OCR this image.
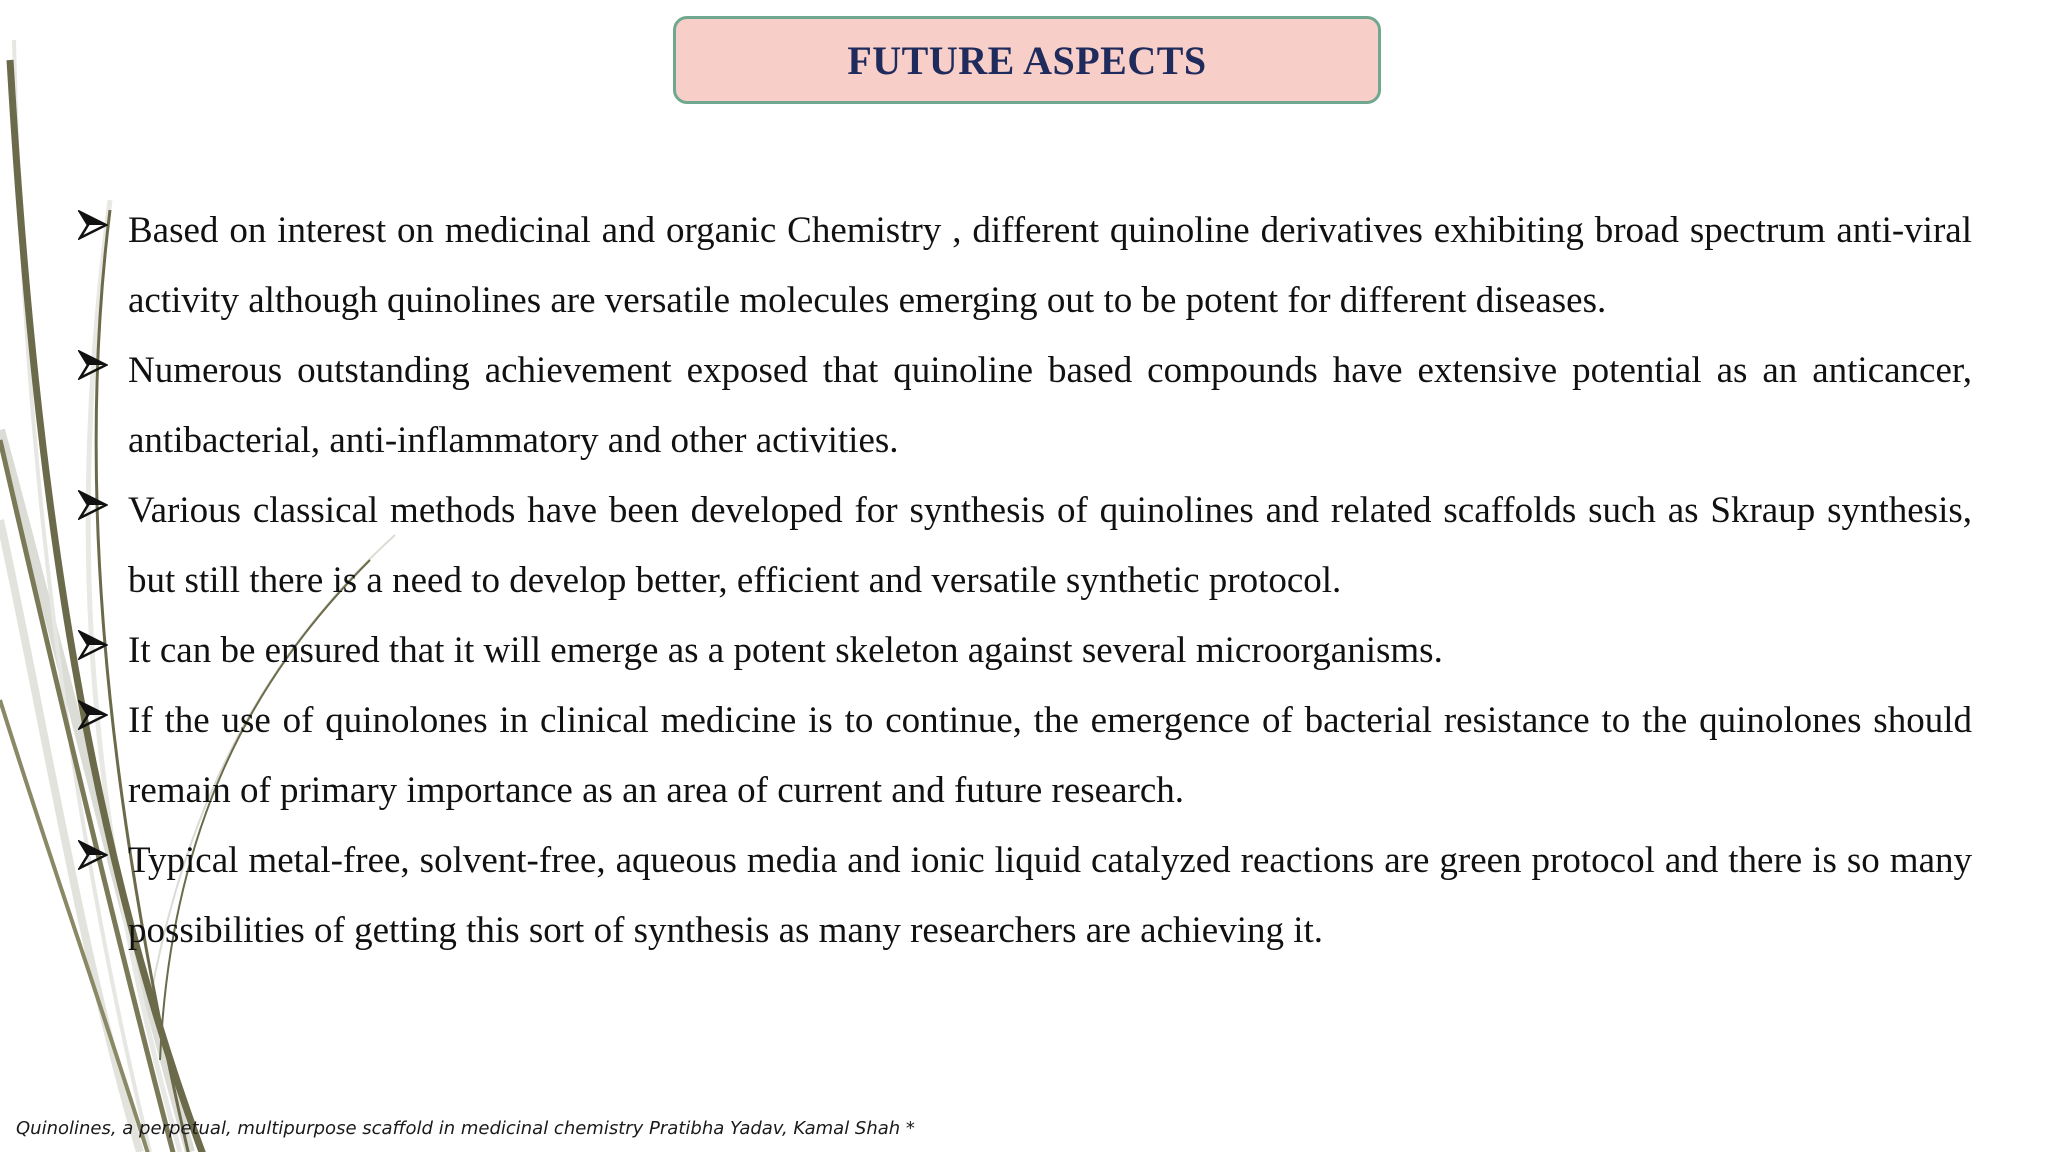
FUTURE ASPECTS
Based on interest on medicinal and organic Chemistry , different quinoline derivatives exhibiting broad spectrum anti-viral activity although quinolines are versatile molecules emerging out to be potent for different diseases.
Numerous outstanding achievement exposed that quinoline based compounds have extensive potential as an anticancer, antibacterial, anti-inflammatory and other activities.
Various classical methods have been developed for synthesis of quinolines and related scaffolds such as Skraup synthesis, but still there is a need to develop better, efficient and versatile synthetic protocol.
It can be ensured that it will emerge as a potent skeleton against several microorganisms.
If the use of quinolones in clinical medicine is to continue, the emergence of bacterial resistance to the quinolones should remain of primary importance as an area of current and future research.
Typical metal-free, solvent-free, aqueous media and ionic liquid catalyzed reactions are green protocol and there is so many possibilities of getting this sort of synthesis as many researchers are achieving it.
Quinolines, a perpetual, multipurpose scaffold in medicinal chemistry Pratibha Yadav, Kamal Shah *
